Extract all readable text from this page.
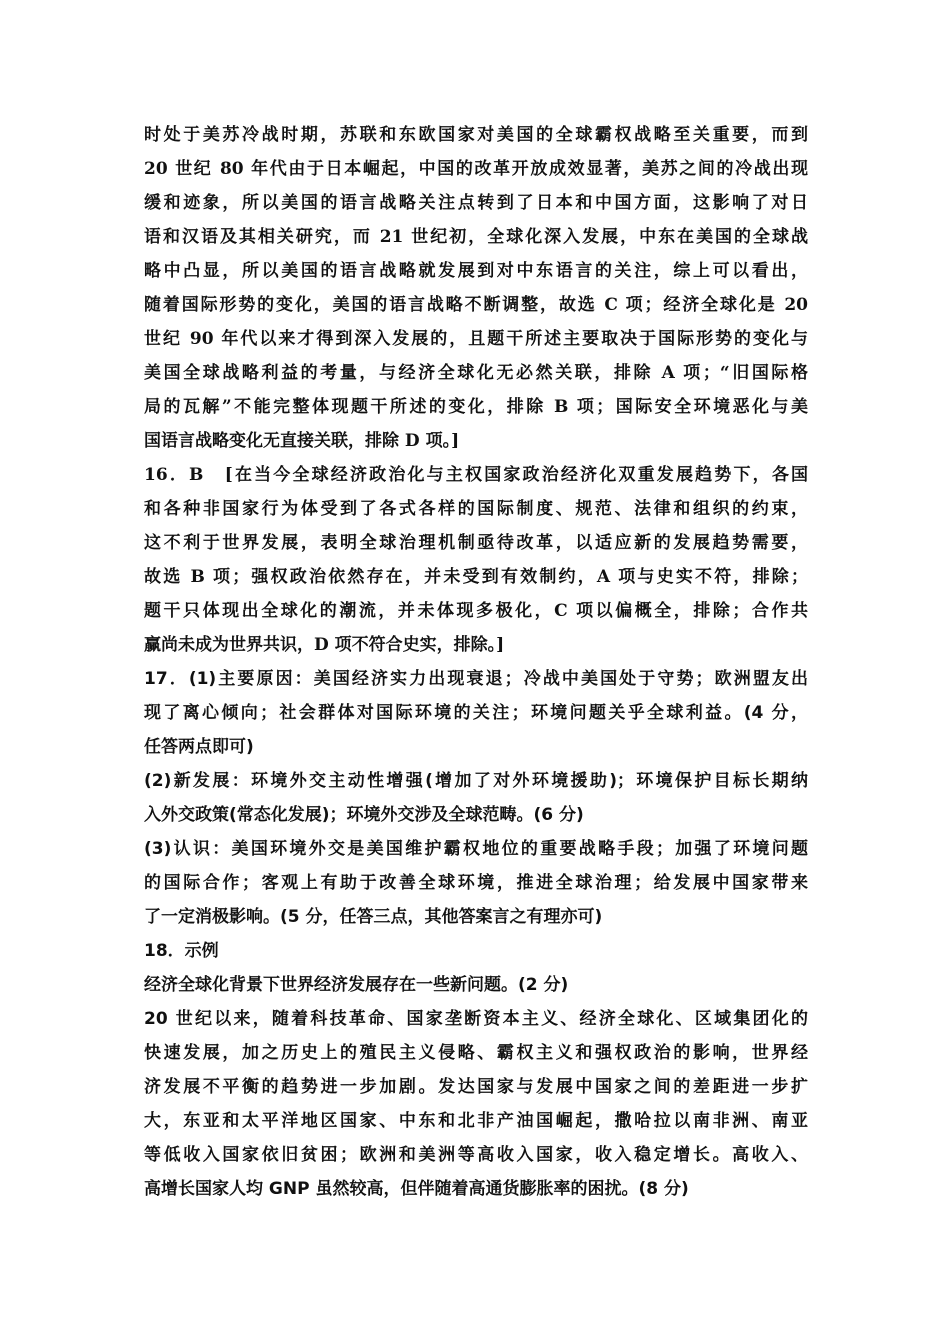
时处于美苏冷战时期，苏联和东欧国家对美国的全球霸权战略至关重要，而到
20 世纪 80 年代由于日本崛起，中国的改革开放成效显著，美苏之间的冷战出现
缓和迹象，所以美国的语言战略关注点转到了日本和中国方面，这影响了对日
语和汉语及其相关研究，而 21 世纪初，全球化深入发展，中东在美国的全球战
略中凸显，所以美国的语言战略就发展到对中东语言的关注，综上可以看出，
随着国际形势的变化，美国的语言战略不断调整，故选 C 项；经济全球化是 20
世纪 90 年代以来才得到深入发展的，且题干所述主要取决于国际形势的变化与
美国全球战略利益的考量，与经济全球化无必然关联，排除 A 项；“旧国际格
局的瓦解”不能完整体现题干所述的变化，排除 B 项；国际安全环境恶化与美
国语言战略变化无直接关联，排除 D 项。]
16．B　[在当今全球经济政治化与主权国家政治经济化双重发展趋势下，各国
和各种非国家行为体受到了各式各样的国际制度、规范、法律和组织的约束，
这不利于世界发展，表明全球治理机制亟待改革，以适应新的发展趋势需要，
故选 B 项；强权政治依然存在，并未受到有效制约，A 项与史实不符，排除；
题干只体现出全球化的潮流，并未体现多极化，C 项以偏概全，排除；合作共
赢尚未成为世界共识，D 项不符合史实，排除。]
17．(1)主要原因：美国经济实力出现衰退；冷战中美国处于守势；欧洲盟友出
现了离心倾向；社会群体对国际环境的关注；环境问题关乎全球利益。(4 分，
任答两点即可)
(2)新发展：环境外交主动性增强(增加了对外环境援助)；环境保护目标长期纳
入外交政策(常态化发展)；环境外交涉及全球范畴。(6 分)
(3)认识：美国环境外交是美国维护霸权地位的重要战略手段；加强了环境问题
的国际合作；客观上有助于改善全球环境，推进全球治理；给发展中国家带来
了一定消极影响。(5 分，任答三点，其他答案言之有理亦可)
18．示例
经济全球化背景下世界经济发展存在一些新问题。(2 分)
20 世纪以来，随着科技革命、国家垄断资本主义、经济全球化、区域集团化的
快速发展，加之历史上的殖民主义侵略、霸权主义和强权政治的影响，世界经
济发展不平衡的趋势进一步加剧。发达国家与发展中国家之间的差距进一步扩
大，东亚和太平洋地区国家、中东和北非产油国崛起，撒哈拉以南非洲、南亚
等低收入国家依旧贫困；欧洲和美洲等高收入国家，收入稳定增长。高收入、
高增长国家人均 GNP 虽然较高，但伴随着高通货膨胀率的困扰。(8 分)
